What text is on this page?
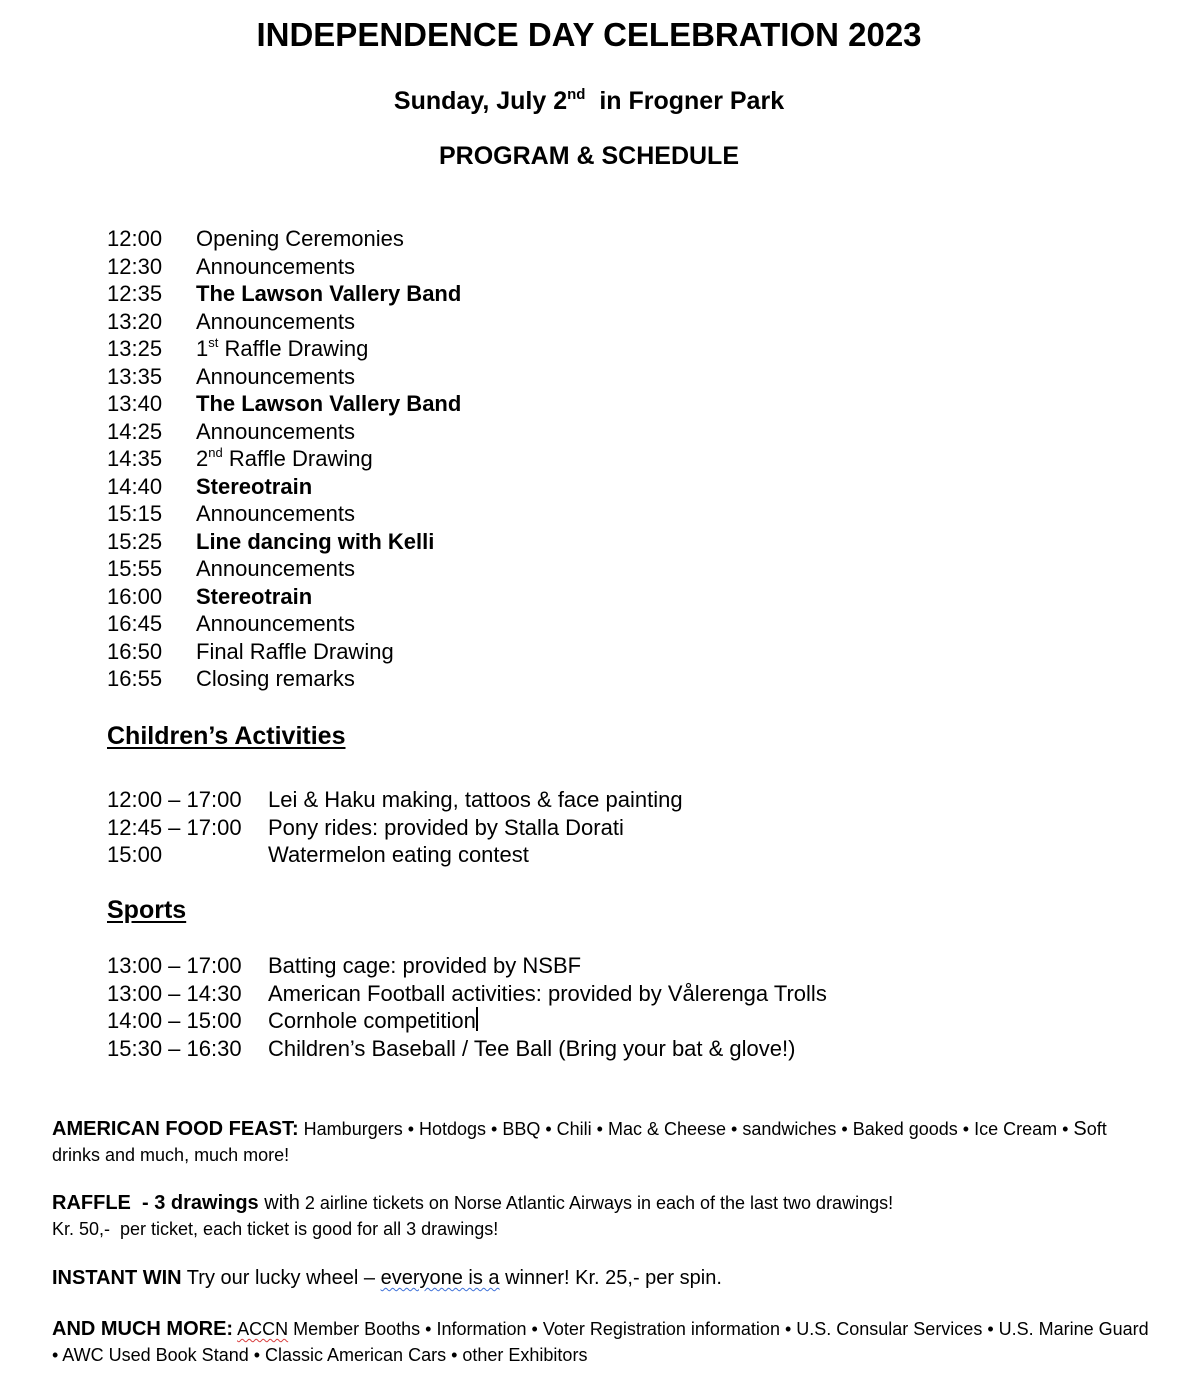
INDEPENDENCE DAY CELEBRATION 2023
Sunday, July 2nd  in Frogner Park
PROGRAM & SCHEDULE
12:00	Opening Ceremonies
12:30	Announcements
12:35	The Lawson Vallery Band
13:20	Announcements
13:25	1st Raffle Drawing
13:35	Announcements
13:40	The Lawson Vallery Band
14:25	Announcements
14:35	2nd Raffle Drawing
14:40	Stereotrain
15:15	Announcements
15:25	Line dancing with Kelli
15:55	Announcements
16:00	Stereotrain
16:45	Announcements
16:50	Final Raffle Drawing
16:55	Closing remarks
Children’s Activities
12:00 – 17:00	Lei & Haku making, tattoos & face painting
12:45 – 17:00	Pony rides: provided by Stalla Dorati
15:00	Watermelon eating contest
Sports
13:00 – 17:00	Batting cage: provided by NSBF
13:00 – 14:30	American Football activities: provided by Vålerenga Trolls
14:00 – 15:00	Cornhole competition
15:30 – 16:30	Children’s Baseball / Tee Ball (Bring your bat & glove!)
AMERICAN FOOD FEAST: Hamburgers • Hotdogs • BBQ • Chili • Mac & Cheese • sandwiches • Baked goods • Ice Cream • Soft drinks and much, much more!
RAFFLE  - 3 drawings with 2 airline tickets on Norse Atlantic Airways in each of the last two drawings!
Kr. 50,-  per ticket, each ticket is good for all 3 drawings!
INSTANT WIN Try our lucky wheel – everyone is a winner! Kr. 25,- per spin.
AND MUCH MORE: ACCN Member Booths • Information • Voter Registration information • U.S. Consular Services • U.S. Marine Guard • AWC Used Book Stand • Classic American Cars • other Exhibitors
